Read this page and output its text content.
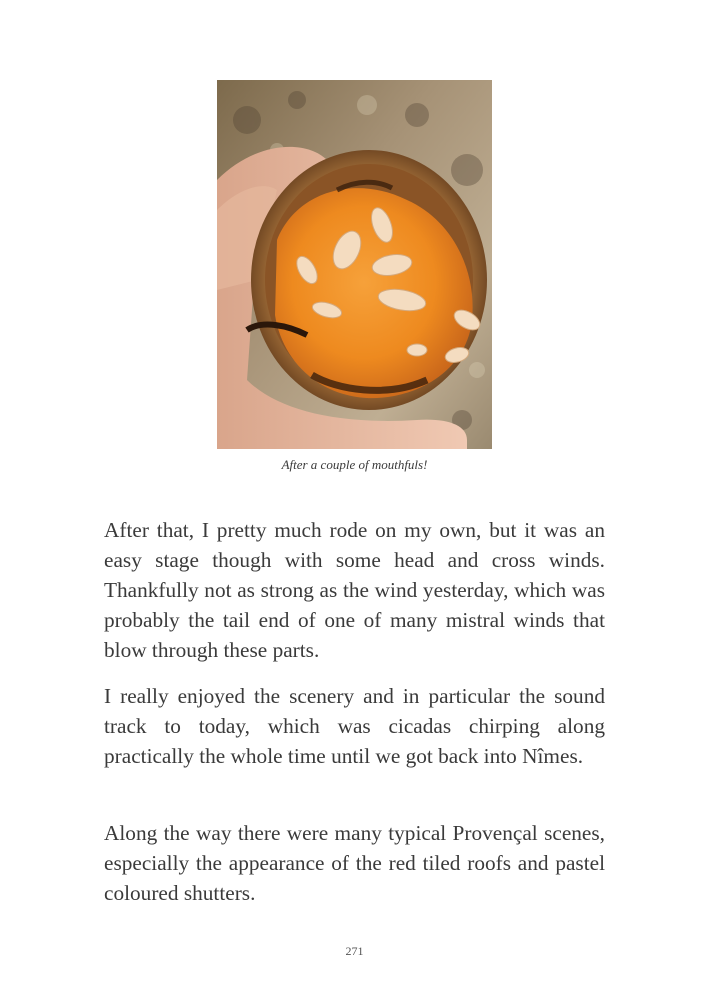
After a couple of mouthfuls!

After that, I pretty much rode on my own, but it was an easy stage though with some head and cross winds. Thankfully not as strong as the wind yesterday, which was probably the tail end of one of many mistral winds that blow through these parts.

I really enjoyed the scenery and in particular the sound track to today, which was cicadas chirping along practically the whole time until we got back into Nîmes.

Along the way there were many typical Provençal scenes, especially the appearance of the red tiled roofs and pastel coloured shutters.

271
